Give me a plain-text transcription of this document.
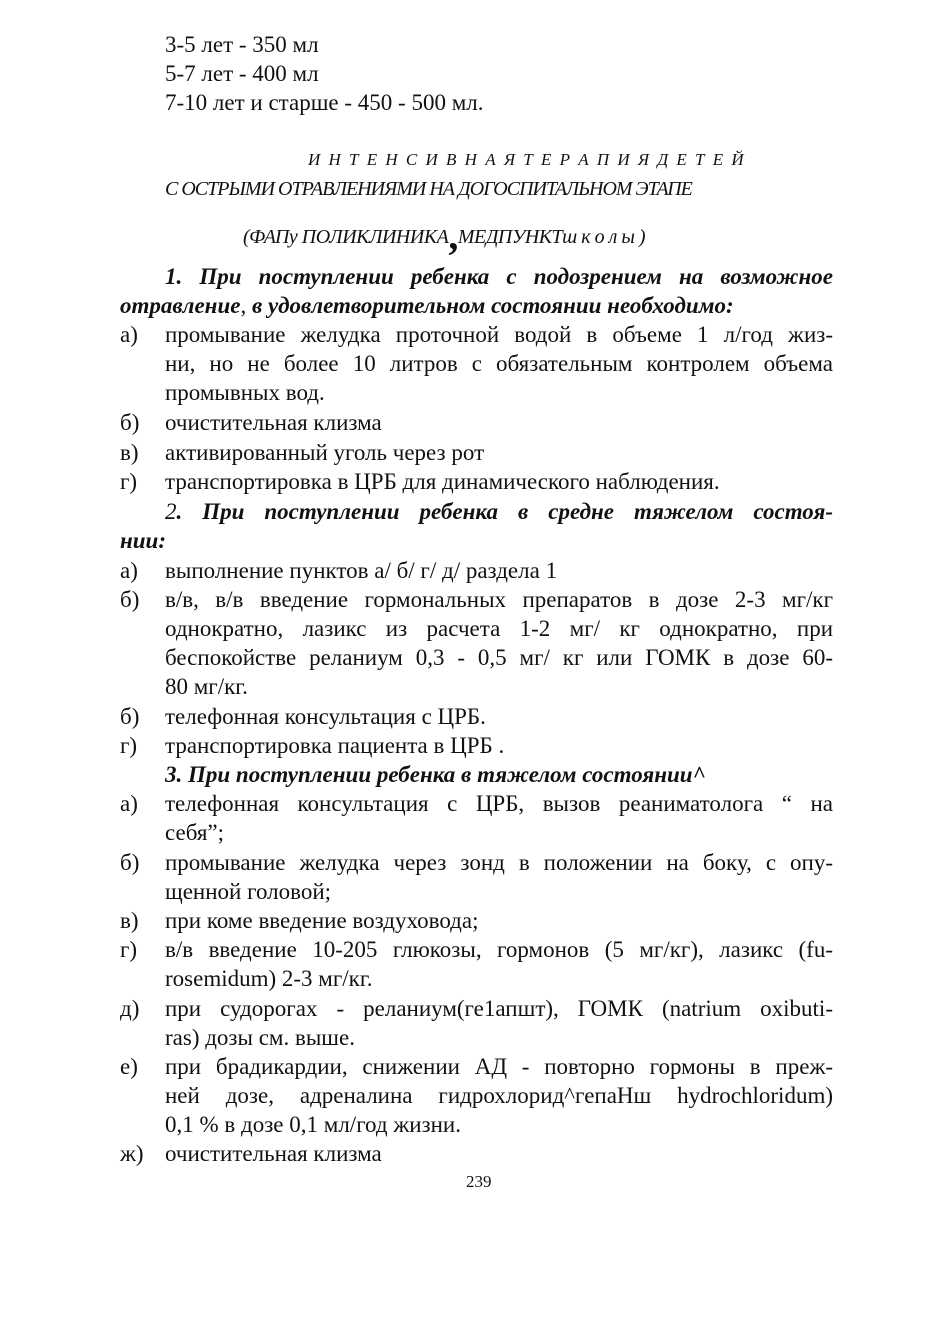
3-5 лет - 350 мл
5-7 лет - 400 мл
7-10 лет и старше - 450 - 500 мл.
И Н Т Е Н С И В Н А Я Т Е Р А П И Я Д Е Т Е Й
С ОСТРЫМИ ОТРАВЛЕНИЯМИ НА ДОГОСПИТАЛЬНОМ ЭТАПЕ
(ФАПу ПОЛИКЛИНИКА,МЕДПУНКТш к о л ы )
1. При поступлении ребенка с подозрением на возможное
отравление, в удовлетворительном состоянии необходимо:
а) промывание желудка проточной водой в объеме 1 л/год жиз-
ни, но не более 10 литров с обязательным контролем объема
промывных вод.
б) очистительная клизма
в) активированный уголь через рот
г) транспортировка в ЦРБ для динамического наблюдения.
2. При поступлении ребенка в средне тяжелом состоя-
нии:
а) выполнение пунктов а/ б/ г/ д/ раздела 1
б) в/в, в/в введение гормональных препаратов в дозе 2-3 мг/кг
однократно, лазикс из расчета 1-2 мг/ кг однократно, при
беспокойстве реланиум 0,3 - 0,5 мг/ кг или ГОМК в дозе 60-
80 мг/кг.
б) телефонная консультация с ЦРБ.
г) транспортировка пациента в ЦРБ .
3. При поступлении ребенка в тяжелом состоянии^
а) телефонная консультация с ЦРБ, вызов реаниматолога “ на
себя”;
б) промывание желудка через зонд в положении на боку, с опу-
щенной головой;
в) при коме введение воздуховода;
г) в/в введение 10-205 глюкозы, гормонов (5 мг/кг), лазикс (fu-
rosemidum) 2-3 мг/кг.
д) при судорогах - реланиум(ге1апшт), ГОМК (natrium oxibuti-
ras) дозы см. выше.
е) при брадикардии, снижении АД - повторно гормоны в преж-
ней дозе, адреналина гидрохлорид^гепаНш hydrochloridum)
0,1 % в дозе 0,1 мл/год жизни.
ж) очистительная клизма
239
